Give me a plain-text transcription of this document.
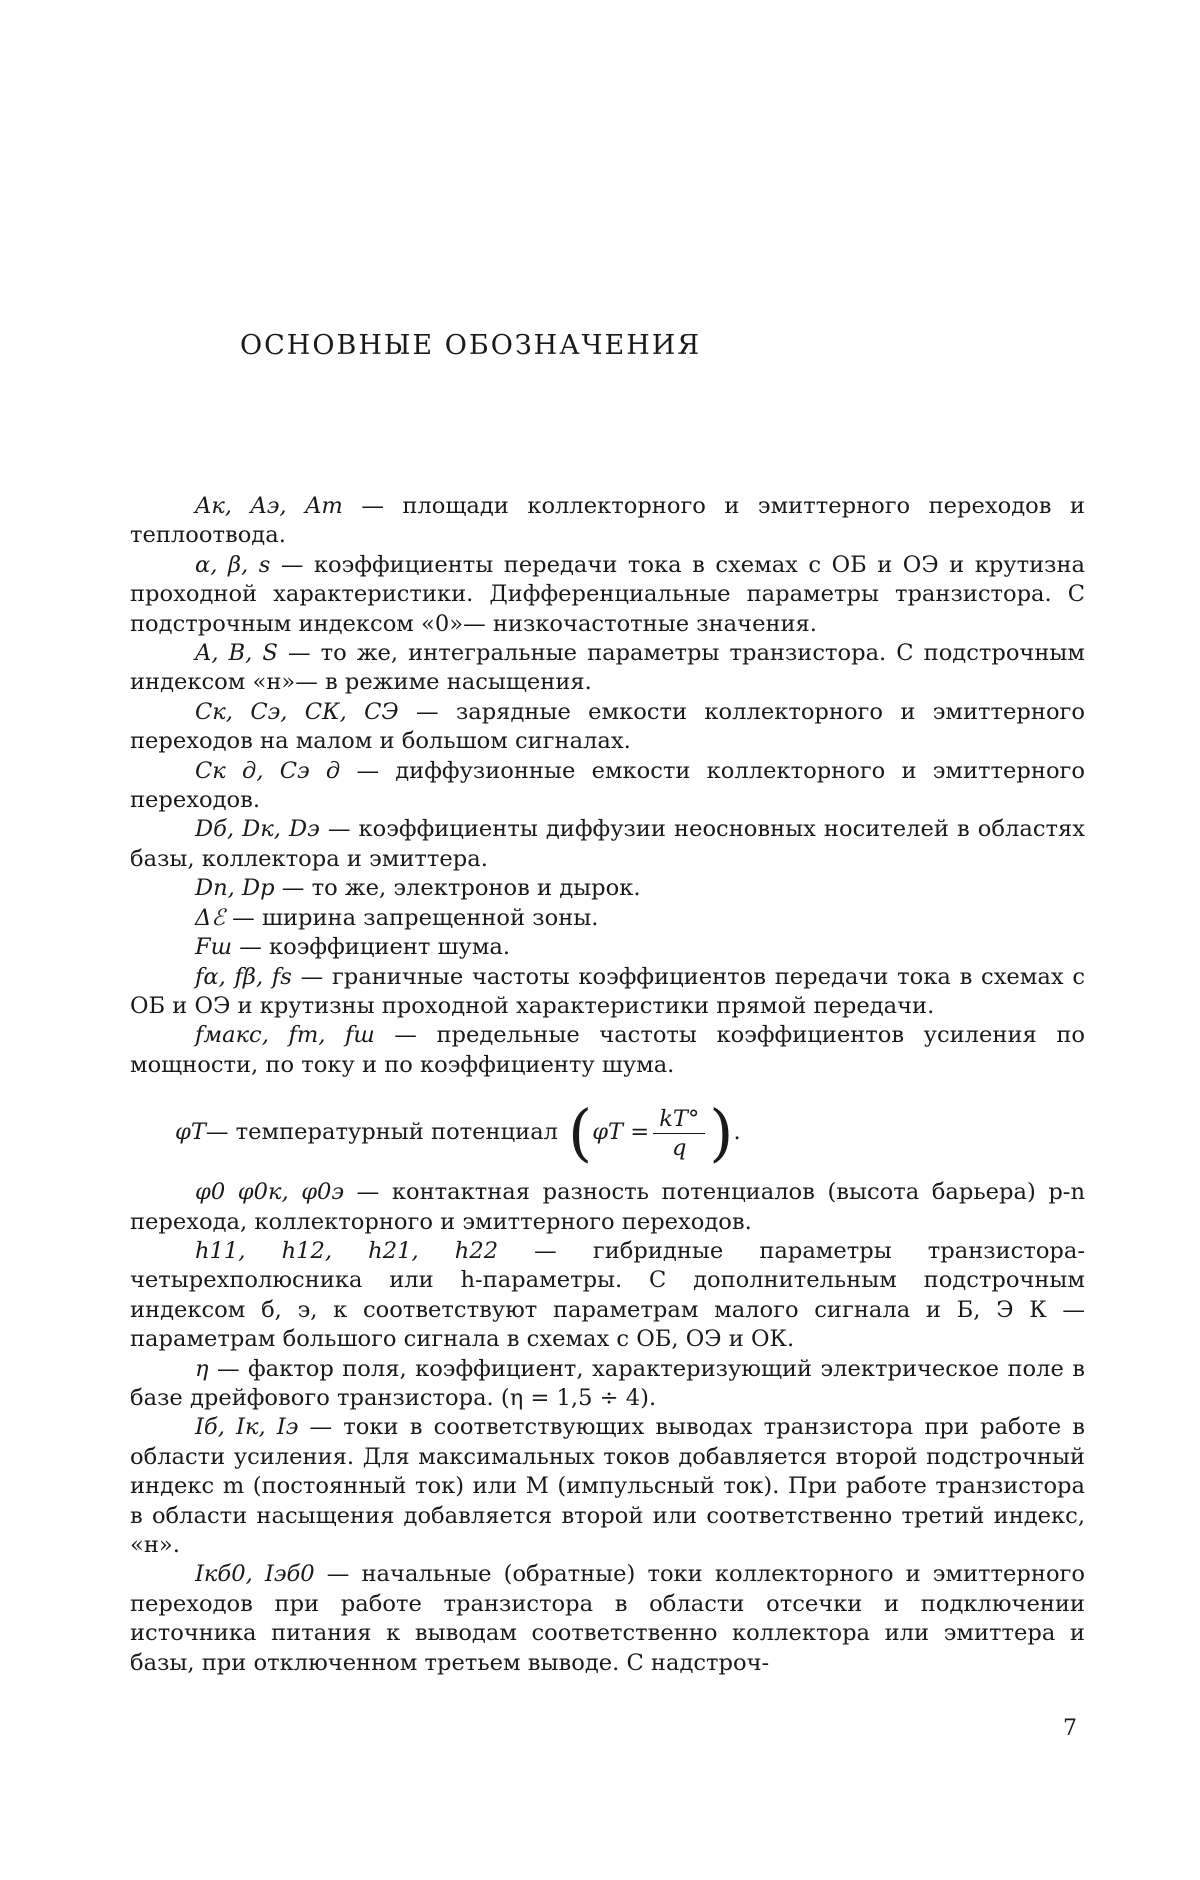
ОСНОВНЫЕ ОБОЗНАЧЕНИЯ

Aк, Aэ, Aт — площади коллекторного и эмиттерного переходов и теплоотвода.

α, β, s — коэффициенты передачи тока в схемах с ОБ и ОЭ и крутизна проходной характеристики. Дифференциальные параметры транзистора. С подстрочным индексом «0»— низкочастотные значения.

A, B, S — то же, интегральные параметры транзистора. С подстрочным индексом «н»— в режиме насыщения.

Cк, Cэ, CК, CЭ — зарядные емкости коллекторного и эмиттерного переходов на малом и большом сигналах.

Cк д, Cэ д — диффузионные емкости коллекторного и эмиттерного переходов.

Dб, Dк, Dэ — коэффициенты диффузии неосновных носителей в областях базы, коллектора и эмиттера.

Dn, Dp — то же, электронов и дырок.

Δℰ — ширина запрещенной зоны.

Fш — коэффициент шума.

fα, fβ, fs — граничные частоты коэффициентов передачи тока в схемах с ОБ и ОЭ и крутизны проходной характеристики прямой передачи.

fмакс, fт, fш — предельные частоты коэффициентов усиления по мощности, по току и по коэффициенту шума.

φT — температурный потенциал ( φT =
kT°
q ) .

φ0 φ0к, φ0э — контактная разность потенциалов (высота барьера) p-n перехода, коллекторного и эмиттерного переходов.

h11, h12, h21, h22 — гибридные параметры транзистора-четырехполюсника или h-параметры. С дополнительным подстрочным индексом б, э, к соответствуют параметрам малого сигнала и Б, Э К — параметрам большого сигнала в схемах с ОБ, ОЭ и ОК.

η — фактор поля, коэффициент, характеризующий электрическое поле в базе дрейфового транзистора. (η = 1,5 ÷ 4).

Iб, Iк, Iэ — токи в соответствующих выводах транзистора при работе в области усиления. Для максимальных токов добавляется второй подстрочный индекс m (постоянный ток) или M (импульсный ток). При работе транзистора в области насыщения добавляется второй или соответственно третий индекс, «н».

Iкб0, Iэб0 — начальные (обратные) токи коллекторного и эмиттерного переходов при работе транзистора в области отсечки и подключении источника питания к выводам соответственно коллектора или эмиттера и базы, при отключенном третьем выводе. С надстроч-

7
